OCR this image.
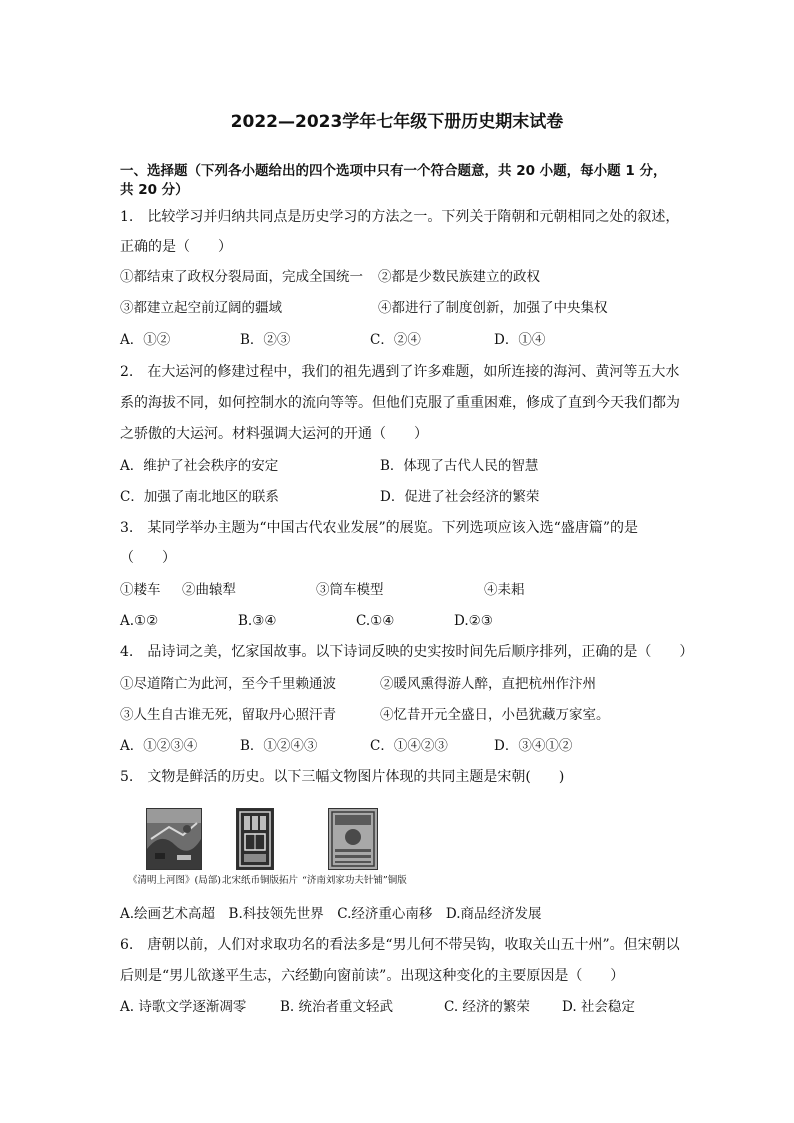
2022—2023学年七年级下册历史期末试卷
一、选择题（下列各小题给出的四个选项中只有一个符合题意，共 20 小题，每小题 1 分，
共 20 分）
1.　比较学习并归纳共同点是历史学习的方法之一。下列关于隋朝和元朝相同之处的叙述，
正确的是（　　）
①都结束了政权分裂局面，完成全国统一 ②都是少数民族建立的政权
③都建立起空前辽阔的疆域	④都进行了制度创新，加强了中央集权
A．①②	B．②③	C．②④	D．①④
2.　在大运河的修建过程中，我们的祖先遇到了许多难题，如所连接的海河、黄河等五大水
系的海拔不同，如何控制水的流向等等。但他们克服了重重困难，修成了直到今天我们都为
之骄傲的大运河。材料强调大运河的开通（　　）
A．维护了社会秩序的安定	B．体现了古代人民的智慧
C．加强了南北地区的联系	D．促进了社会经济的繁荣
3.　某同学举办主题为“中国古代农业发展”的展览。下列选项应该入选“盛唐篇”的是
（　　）
①耧车 ②曲辕犁	③筒车模型	④耒耜
A.①②	B.③④	C.①④	D.②③
4.　品诗词之美，忆家国故事。以下诗词反映的史实按时间先后顺序排列，正确的是（　　）
①尽道隋亡为此河，至今千里赖通波	②暖风熏得游人醉，直把杭州作汴州
③人生自古谁无死，留取丹心照汗青	④忆昔开元全盛日，小邑犹藏万家室。
A．①②③④	B．①②④③	C．①④②③	D．③④①②
5.　文物是鲜活的历史。以下三幅文物图片体现的共同主题是宋朝(　　)
《清明上河图》(局部) 北宋纸币铜版拓片 “济南刘家功夫针铺”铜版
A.绘画艺术高超　B.科技领先世界　C.经济重心南移　D.商品经济发展
6.　唐朝以前，人们对求取功名的看法多是“男儿何不带吴钩，收取关山五十州”。但宋朝以
后则是“男儿欲遂平生志，六经勤向窗前读”。出现这种变化的主要原因是（　　）
A. 诗歌文学逐渐凋零 B. 统治者重文轻武	C. 经济的繁荣 D. 社会稳定
